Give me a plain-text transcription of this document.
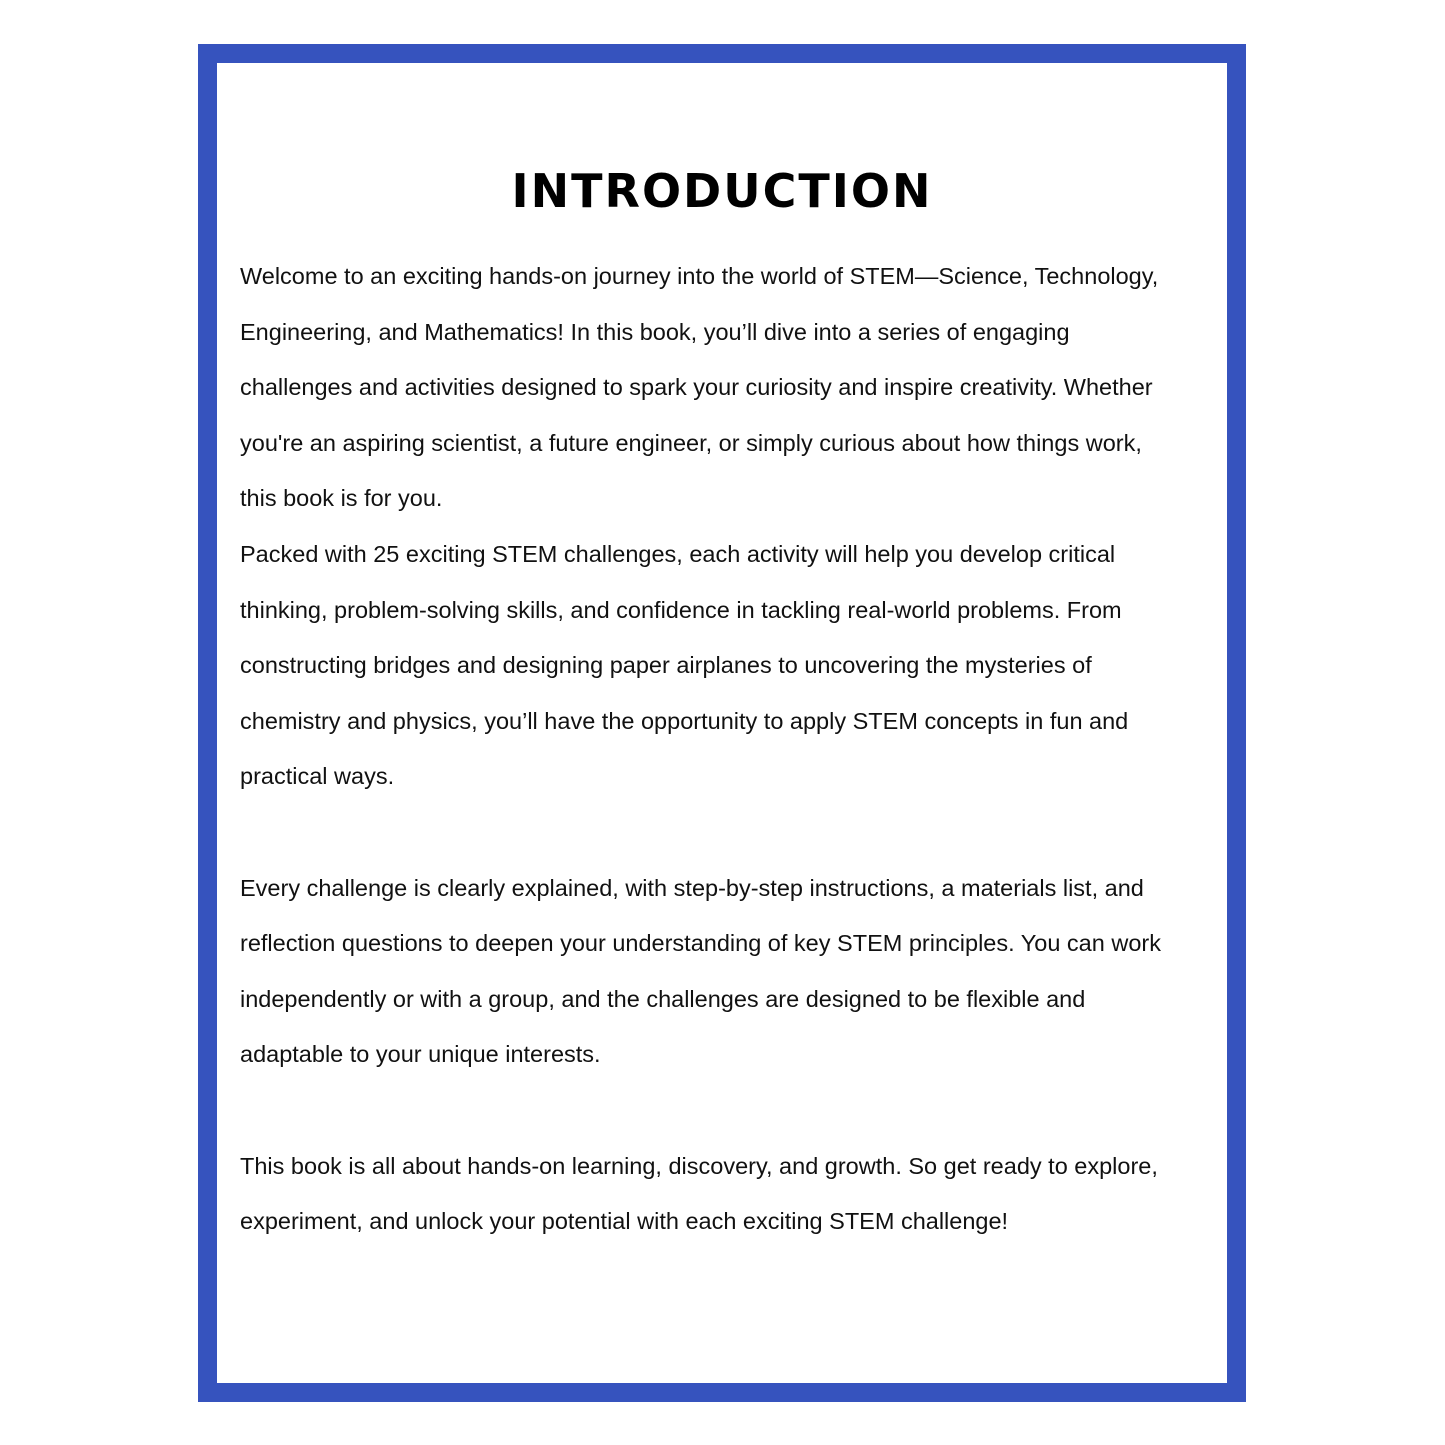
INTRODUCTION

Welcome to an exciting hands-on journey into the world of STEM—Science, Technology,

Engineering, and Mathematics! In this book, you’ll dive into a series of engaging

challenges and activities designed to spark your curiosity and inspire creativity. Whether

you're an aspiring scientist, a future engineer, or simply curious about how things work,

this book is for you.

Packed with 25 exciting STEM challenges, each activity will help you develop critical

thinking, problem-solving skills, and confidence in tackling real-world problems. From

constructing bridges and designing paper airplanes to uncovering the mysteries of

chemistry and physics, you’ll have the opportunity to apply STEM concepts in fun and

practical ways.

Every challenge is clearly explained, with step-by-step instructions, a materials list, and

reflection questions to deepen your understanding of key STEM principles. You can work

independently or with a group, and the challenges are designed to be flexible and

adaptable to your unique interests.

This book is all about hands-on learning, discovery, and growth. So get ready to explore,

experiment, and unlock your potential with each exciting STEM challenge!
